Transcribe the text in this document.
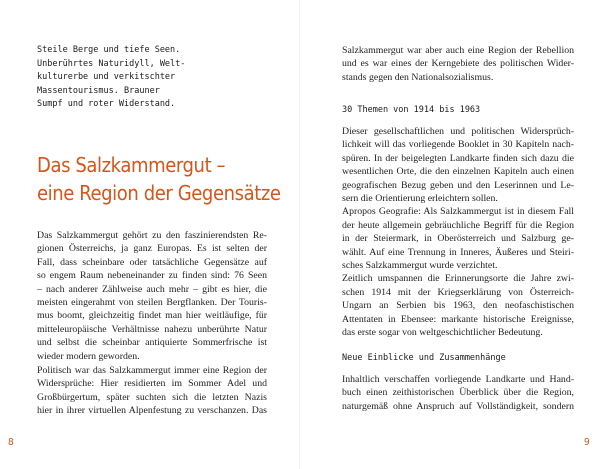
Steile Berge und tiefe Seen.
Unberührtes Naturidyll, Welt-
kulturerbe und verkitschter
Massentourismus. Brauner
Sumpf und roter Widerstand.
Das Salzkammergut –
eine Region der Gegensätze
Das Salzkammergut gehört zu den faszinierendsten Re-
gionen Österreichs, ja ganz Europas. Es ist selten der
Fall, dass scheinbare oder tatsächliche Gegensätze auf
so engem Raum nebeneinander zu finden sind: 76 Seen
– nach anderer Zählweise auch mehr – gibt es hier, die
meisten eingerahmt von steilen Bergflanken. Der Touris-
mus boomt, gleichzeitig findet man hier weitläufige, für
mitteleuropäische Verhältnisse nahezu unberührte Natur
und selbst die scheinbar antiquierte Sommerfrische ist
wieder modern geworden.
Politisch war das Salzkammergut immer eine Region der
Widersprüche: Hier residierten im Sommer Adel und
Großbürgertum, später suchten sich die letzten Nazis
hier in ihrer virtuellen Alpenfestung zu verschanzen. Das
8
Salzkammergut war aber auch eine Region der Rebellion
und es war eines der Kerngebiete des politischen Wider-
stands gegen den Nationalsozialismus.
30 Themen von 1914 bis 1963
Dieser gesellschaftlichen und politischen Widersprüch-
lichkeit will das vorliegende Booklet in 30 Kapiteln nach-
spüren. In der beigelegten Landkarte finden sich dazu die
wesentlichen Orte, die den einzelnen Kapiteln auch einen
geografischen Bezug geben und den Leserinnen und Le-
sern die Orientierung erleichtern sollen.
Apropos Geografie: Als Salzkammergut ist in diesem Fall
der heute allgemein gebräuchliche Begriff für die Region
in der Steiermark, in Oberösterreich und Salzburg ge-
wählt. Auf eine Trennung in Inneres, Äußeres und Steiri-
sches Salzkammergut wurde verzichtet.
Zeitlich umspannen die Erinnerungsorte die Jahre zwi-
schen 1914 mit der Kriegserklärung von Österreich-
Ungarn an Serbien bis 1963, den neofaschistischen
Attentaten in Ebensee: markante historische Ereignisse,
das erste sogar von weltgeschichtlicher Bedeutung.
Neue Einblicke und Zusammenhänge
Inhaltlich verschaffen vorliegende Landkarte und Hand-
buch einen zeithistorischen Überblick über die Region,
naturgemäß ohne Anspruch auf Vollständigkeit, sondern
9
